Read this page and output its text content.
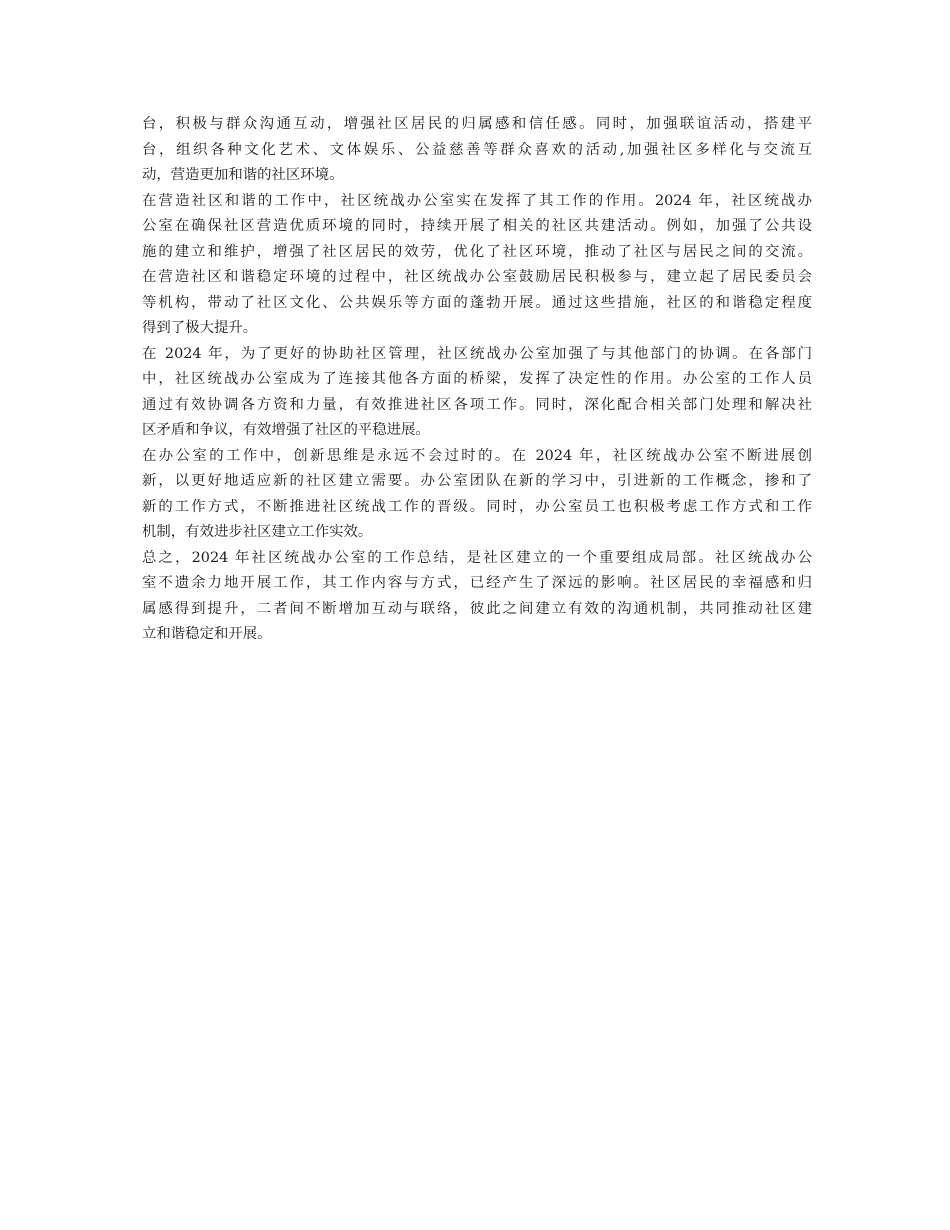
台，积极与群众沟通互动，增强社区居民的归属感和信任感。同时，加强联谊活动，搭建平
台，组织各种文化艺术、文体娱乐、公益慈善等群众喜欢的活动,加强社区多样化与交流互
动，营造更加和谐的社区环境。
在营造社区和谐的工作中，社区统战办公室实在发挥了其工作的作用。2024 年，社区统战办
公室在确保社区营造优质环境的同时，持续开展了相关的社区共建活动。例如，加强了公共设
施的建立和维护，增强了社区居民的效劳，优化了社区环境，推动了社区与居民之间的交流。
在营造社区和谐稳定环境的过程中，社区统战办公室鼓励居民积极参与，建立起了居民委员会
等机构，带动了社区文化、公共娱乐等方面的蓬勃开展。通过这些措施，社区的和谐稳定程度
得到了极大提升。
在 2024 年，为了更好的协助社区管理，社区统战办公室加强了与其他部门的协调。在各部门
中，社区统战办公室成为了连接其他各方面的桥梁，发挥了决定性的作用。办公室的工作人员
通过有效协调各方资和力量，有效推进社区各项工作。同时，深化配合相关部门处理和解决社
区矛盾和争议，有效增强了社区的平稳进展。
在办公室的工作中，创新思维是永远不会过时的。在 2024 年，社区统战办公室不断进展创
新，以更好地适应新的社区建立需要。办公室团队在新的学习中，引进新的工作概念，掺和了
新的工作方式，不断推进社区统战工作的晋级。同时，办公室员工也积极考虑工作方式和工作
机制，有效进步社区建立工作实效。
总之，2024 年社区统战办公室的工作总结，是社区建立的一个重要组成局部。社区统战办公
室不遗余力地开展工作，其工作内容与方式，已经产生了深远的影响。社区居民的幸福感和归
属感得到提升，二者间不断增加互动与联络，彼此之间建立有效的沟通机制，共同推动社区建
立和谐稳定和开展。
